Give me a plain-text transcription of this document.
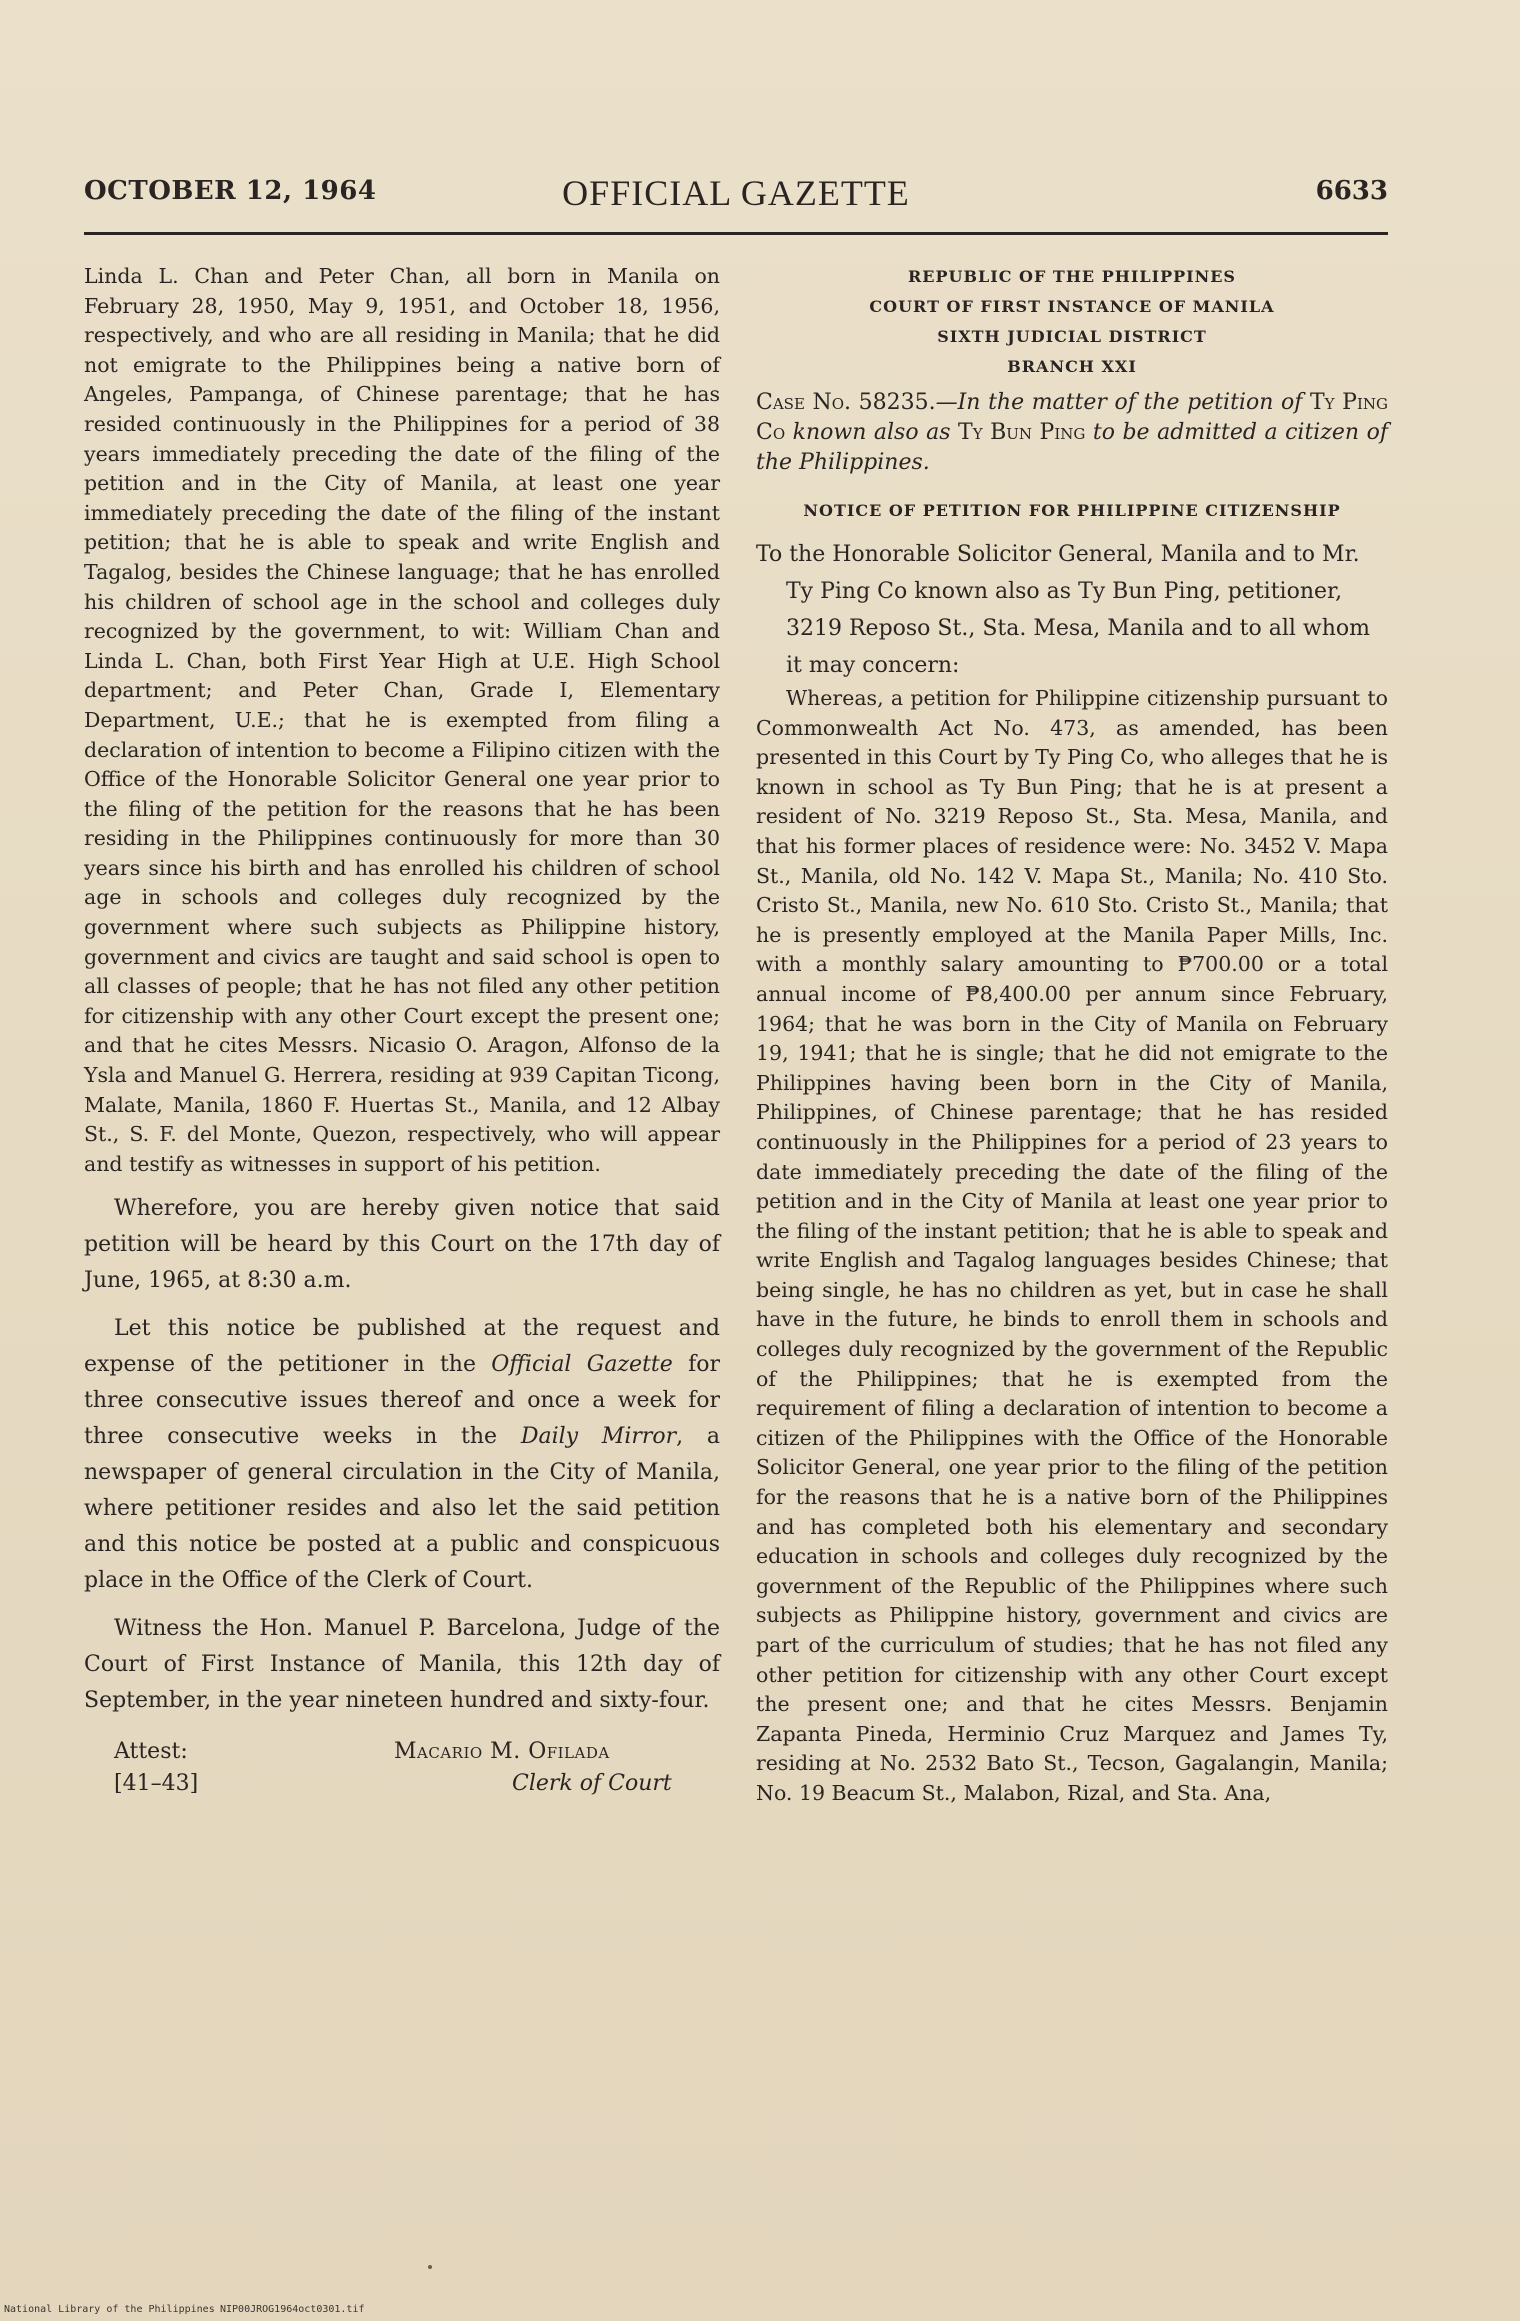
OCTOBER 12, 1964	OFFICIAL GAZETTE	6633

Linda L. Chan and Peter Chan, all born in Manila on February 28, 1950, May 9, 1951, and October 18, 1956, respectively, and who are all residing in Manila; that he did not emigrate to the Philippines being a native born of Angeles, Pampanga, of Chinese parentage; that he has resided continuously in the Philippines for a period of 38 years immediately preceding the date of the filing of the petition and in the City of Manila, at least one year immediately preceding the date of the filing of the instant petition; that he is able to speak and write English and Tagalog, besides the Chinese language; that he has enrolled his children of school age in the school and colleges duly recognized by the government, to wit: William Chan and Linda L. Chan, both First Year High at U.E. High School department; and Peter Chan, Grade I, Elementary Department, U.E.; that he is exempted from filing a declaration of intention to become a Filipino citizen with the Office of the Honorable Solicitor General one year prior to the filing of the petition for the reasons that he has been residing in the Philippines continuously for more than 30 years since his birth and has enrolled his children of school age in schools and colleges duly recognized by the government where such subjects as Philippine history, government and civics are taught and said school is open to all classes of people; that he has not filed any other petition for citizenship with any other Court except the present one; and that he cites Messrs. Nicasio O. Aragon, Alfonso de la Ysla and Manuel G. Herrera, residing at 939 Capitan Ticong, Malate, Manila, 1860 F. Huertas St., Manila, and 12 Albay St., S. F. del Monte, Quezon, respectively, who will appear and testify as witnesses in support of his petition.

Wherefore, you are hereby given notice that said petition will be heard by this Court on the 17th day of June, 1965, at 8:30 a.m.

Let this notice be published at the request and expense of the petitioner in the Official Gazette for three consecutive issues thereof and once a week for three consecutive weeks in the Daily Mirror, a newspaper of general circulation in the City of Manila, where petitioner resides and also let the said petition and this notice be posted at a public and conspicuous place in the Office of the Clerk of Court.

Witness the Hon. Manuel P. Barcelona, Judge of the Court of First Instance of Manila, this 12th day of September, in the year nineteen hundred and sixty-four.

Attest:
[41–43]
Macario M. Ofilada
Clerk of Court
REPUBLIC OF THE PHILIPPINES
COURT OF FIRST INSTANCE OF MANILA
SIXTH JUDICIAL DISTRICT
BRANCH XXI
Case No. 58235.—In the matter of the petition of Ty Ping Co known also as Ty Bun Ping to be admitted a citizen of the Philippines.
NOTICE OF PETITION FOR PHILIPPINE CITIZENSHIP
To the Honorable Solicitor General, Manila and to Mr. Ty Ping Co known also as Ty Bun Ping, petitioner, 3219 Reposo St., Sta. Mesa, Manila and to all whom it may concern:

Whereas, a petition for Philippine citizenship pursuant to Commonwealth Act No. 473, as amended, has been presented in this Court by Ty Ping Co, who alleges that he is known in school as Ty Bun Ping; that he is at present a resident of No. 3219 Reposo St., Sta. Mesa, Manila, and that his former places of residence were: No. 3452 V. Mapa St., Manila, old No. 142 V. Mapa St., Manila; No. 410 Sto. Cristo St., Manila, new No. 610 Sto. Cristo St., Manila; that he is presently employed at the Manila Paper Mills, Inc. with a monthly salary amounting to ₱700.00 or a total annual income of ₱8,400.00 per annum since February, 1964; that he was born in the City of Manila on February 19, 1941; that he is single; that he did not emigrate to the Philippines having been born in the City of Manila, Philippines, of Chinese parentage; that he has resided continuously in the Philippines for a period of 23 years to date immediately preceding the date of the filing of the petition and in the City of Manila at least one year prior to the filing of the instant petition; that he is able to speak and write English and Tagalog languages besides Chinese; that being single, he has no children as yet, but in case he shall have in the future, he binds to enroll them in schools and colleges duly recognized by the government of the Republic of the Philippines; that he is exempted from the requirement of filing a declaration of intention to become a citizen of the Philippines with the Office of the Honorable Solicitor General, one year prior to the filing of the petition for the reasons that he is a native born of the Philippines and has completed both his elementary and secondary education in schools and colleges duly recognized by the government of the Republic of the Philippines where such subjects as Philippine history, government and civics are part of the curriculum of studies; that he has not filed any other petition for citizenship with any other Court except the present one; and that he cites Messrs. Benjamin Zapanta Pineda, Herminio Cruz Marquez and James Ty, residing at No. 2532 Bato St., Tecson, Gagalangin, Manila; No. 19 Beacum St., Malabon, Rizal, and Sta. Ana,

National Library of the Philippines NIP00JROG1964oct0301.tif
